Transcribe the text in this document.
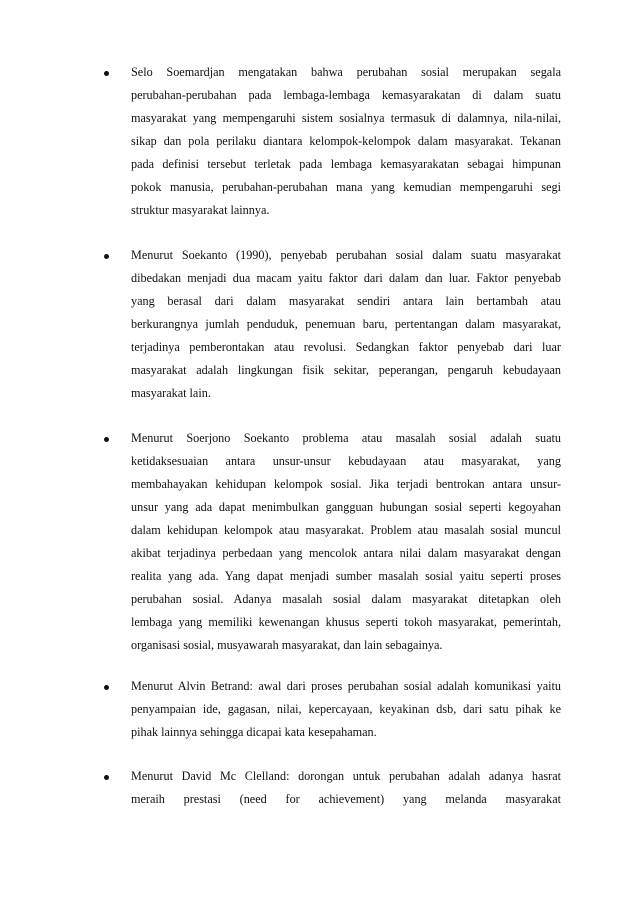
Selo Soemardjan mengatakan bahwa perubahan sosial merupakan segala
perubahan-perubahan pada lembaga-lembaga kemasyarakatan di dalam suatu
masyarakat yang mempengaruhi sistem sosialnya termasuk di dalamnya, nila-nilai,
sikap dan pola perilaku diantara kelompok-kelompok dalam masyarakat. Tekanan
pada definisi tersebut terletak pada lembaga kemasyarakatan sebagai himpunan
pokok manusia, perubahan-perubahan mana yang kemudian mempengaruhi segi
struktur masyarakat lainnya.
Menurut Soekanto (1990), penyebab perubahan sosial dalam suatu masyarakat
dibedakan menjadi dua macam yaitu faktor dari dalam dan luar. Faktor penyebab
yang berasal dari dalam masyarakat sendiri antara lain bertambah atau
berkurangnya jumlah penduduk, penemuan baru, pertentangan dalam masyarakat,
terjadinya pemberontakan atau revolusi. Sedangkan faktor penyebab dari luar
masyarakat adalah lingkungan fisik sekitar, peperangan, pengaruh kebudayaan
masyarakat lain.
Menurut Soerjono Soekanto problema atau masalah sosial adalah suatu
ketidaksesuaian antara unsur-unsur kebudayaan atau masyarakat, yang
membahayakan kehidupan kelompok sosial. Jika terjadi bentrokan antara unsur-
unsur yang ada dapat menimbulkan gangguan hubungan sosial seperti kegoyahan
dalam kehidupan kelompok atau masyarakat. Problem atau masalah sosial muncul
akibat terjadinya perbedaan yang mencolok antara nilai dalam masyarakat dengan
realita yang ada. Yang dapat menjadi sumber masalah sosial yaitu seperti proses
perubahan sosial. Adanya masalah sosial dalam masyarakat ditetapkan oleh
lembaga yang memiliki kewenangan khusus seperti tokoh masyarakat, pemerintah,
organisasi sosial, musyawarah masyarakat, dan lain sebagainya.
Menurut Alvin Betrand: awal dari proses perubahan sosial adalah komunikasi yaitu
penyampaian ide, gagasan, nilai, kepercayaan, keyakinan dsb, dari satu pihak ke
pihak lainnya sehingga dicapai kata kesepahaman.
Menurut David Mc Clelland: dorongan untuk perubahan adalah adanya hasrat
meraih prestasi (need for achievement) yang melanda masyarakat
